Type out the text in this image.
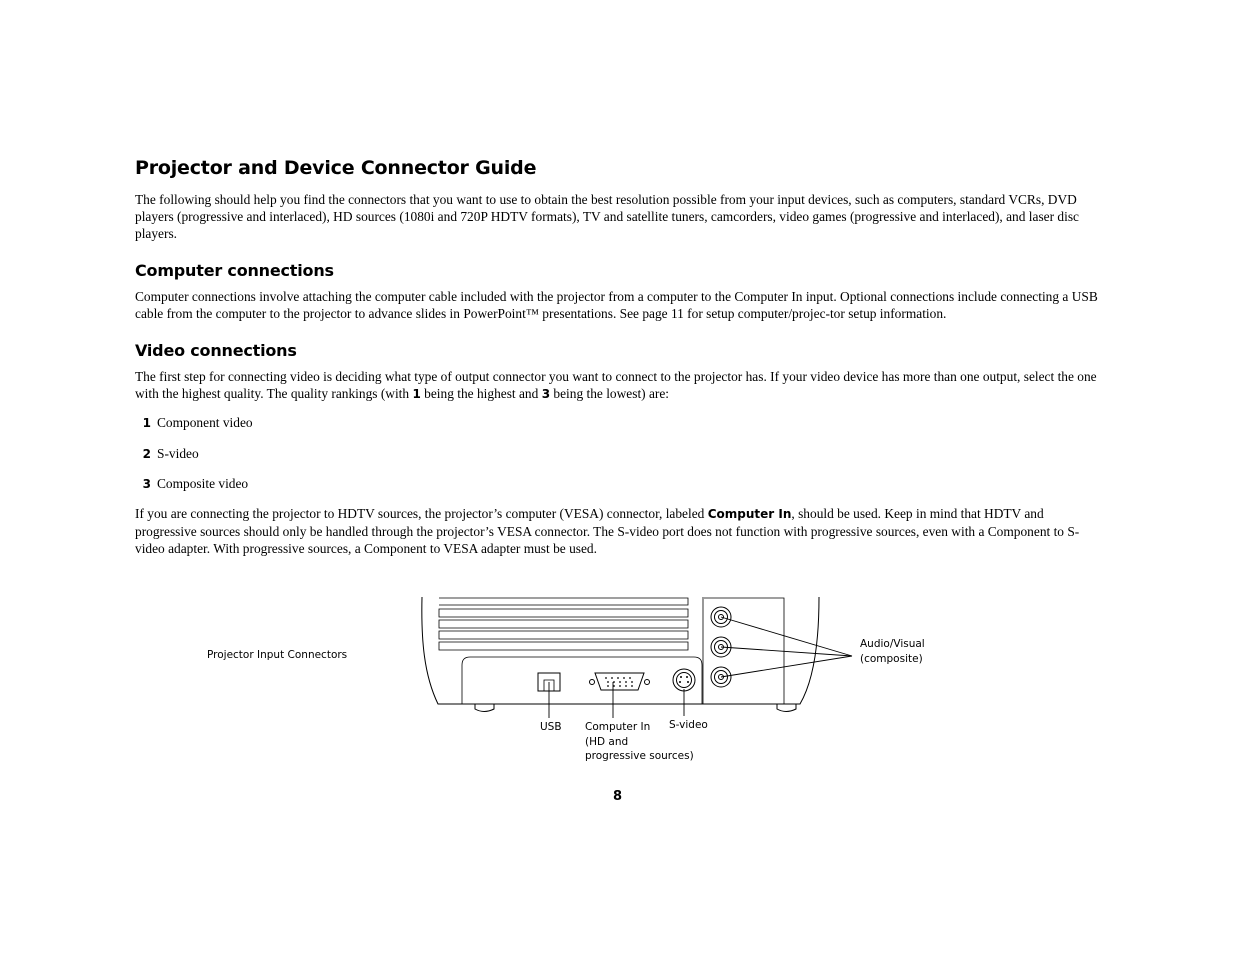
Projector and Device Connector Guide

The following should help you find the connectors that you want to use to obtain the best resolution possible from your input devices, such as computers, standard VCRs, DVD players (progressive and interlaced), HD sources (1080i and 720P HDTV formats), TV and satellite tuners, camcorders, video games (progressive and interlaced), and laser disc players.

Computer connections

Computer connections involve attaching the computer cable included with the projector from a computer to the Computer In input. Optional connections include connecting a USB cable from the computer to the projector to advance slides in PowerPoint™ presentations. See page 11 for setup computer/projec-tor setup information.

Video connections

The first step for connecting video is deciding what type of output connector you want to connect to the projector has. If your video device has more than one output, select the one with the highest quality. The quality rankings (with 1 being the highest and 3 being the lowest) are:

1 Component video
2 S-video
3 Composite video

If you are connecting the projector to HDTV sources, the projector’s computer (VESA) connector, labeled Computer In, should be used. Keep in mind that HDTV and progressive sources should only be handled through the projector’s VESA connector. The S-video port does not function with progressive sources, even with a Component to S-video adapter. With progressive sources, a Component to VESA adapter must be used.

Projector Input Connectors
USB Computer In
(HD and
progressive sources)
S-video
Audio/Visual
(composite)
8
